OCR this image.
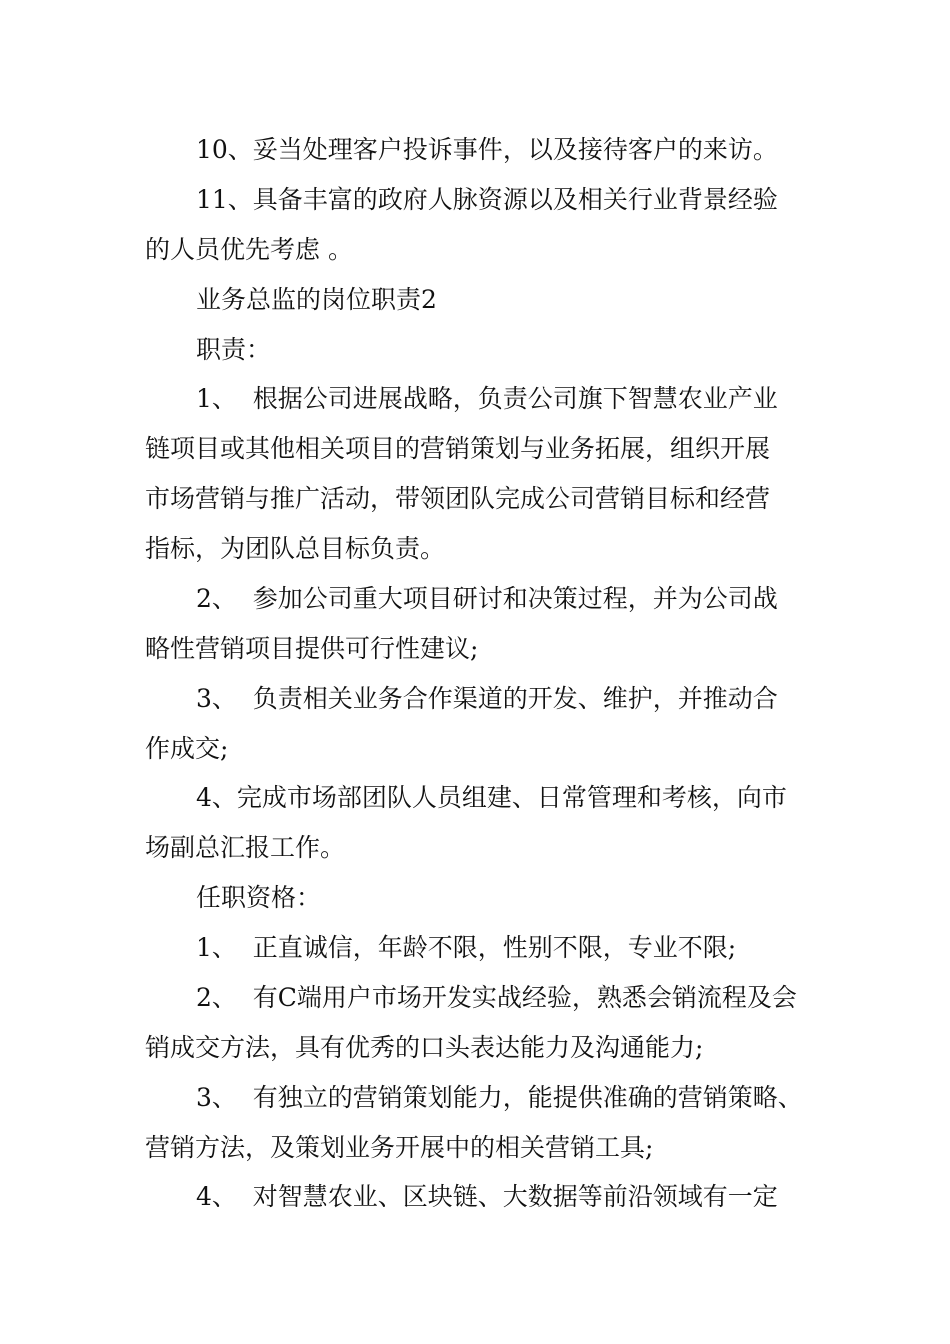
10、妥当处理客户投诉事件，以及接待客户的来访。

11、具备丰富的政府人脉资源以及相关行业背景经验

的人员优先考虑 。

业务总监的岗位职责2

职责：

1、  根据公司进展战略，负责公司旗下智慧农业产业

链项目或其他相关项目的营销策划与业务拓展，组织开展

市场营销与推广活动，带领团队完成公司营销目标和经营

指标，为团队总目标负责。

2、  参加公司重大项目研讨和决策过程，并为公司战

略性营销项目提供可行性建议;

3、  负责相关业务合作渠道的开发、维护，并推动合

作成交;

4、完成市场部团队人员组建、日常管理和考核，向市

场副总汇报工作。

任职资格：

1、  正直诚信，年龄不限，性别不限，专业不限;

2、  有C端用户市场开发实战经验，熟悉会销流程及会

销成交方法，具有优秀的口头表达能力及沟通能力;

3、  有独立的营销策划能力，能提供准确的营销策略、

营销方法，及策划业务开展中的相关营销工具;

4、  对智慧农业、区块链、大数据等前沿领域有一定
